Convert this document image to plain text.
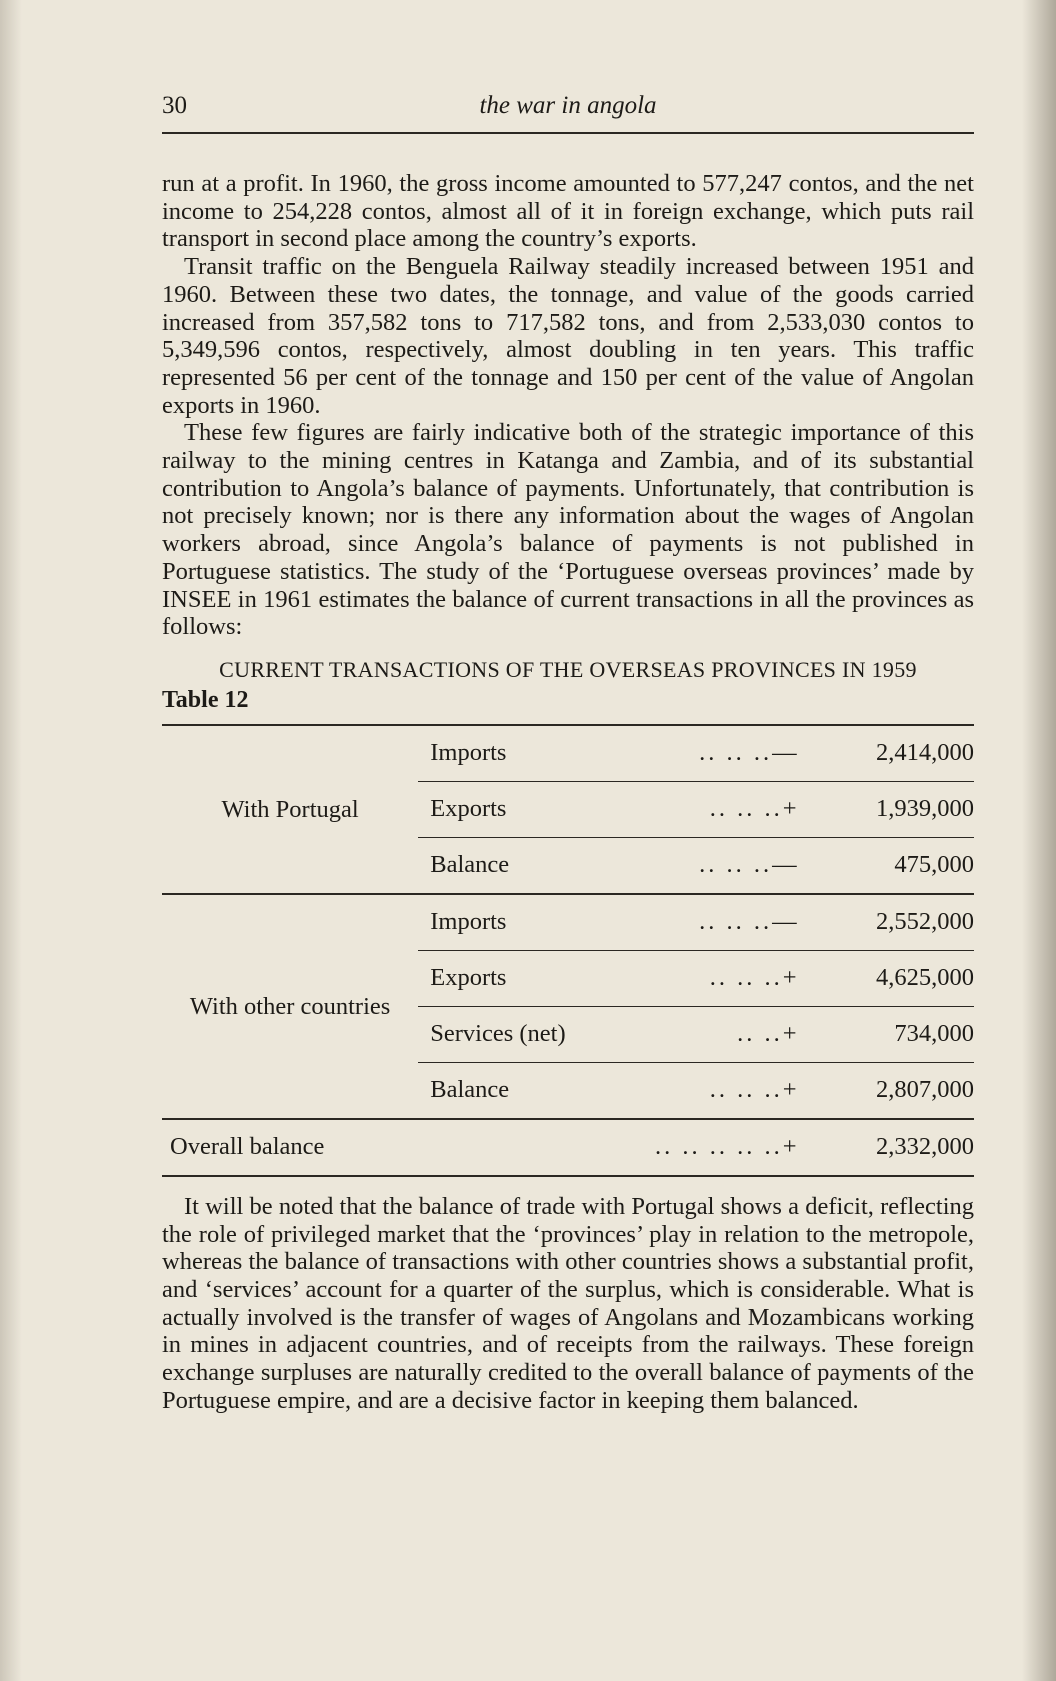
30	the war in angola

run at a profit. In 1960, the gross income amounted to 577,247 contos, and the net income to 254,228 contos, almost all of it in foreign exchange, which puts rail transport in second place among the country’s exports.

Transit traffic on the Benguela Railway steadily increased between 1951 and 1960. Between these two dates, the tonnage, and value of the goods carried increased from 357,582 tons to 717,582 tons, and from 2,533,030 contos to 5,349,596 contos, respectively, almost doubling in ten years. This traffic represented 56 per cent of the tonnage and 150 per cent of the value of Angolan exports in 1960.

These few figures are fairly indicative both of the strategic importance of this railway to the mining centres in Katanga and Zambia, and of its substantial contribution to Angola’s balance of payments. Unfortunately, that contribution is not precisely known; nor is there any information about the wages of Angolan workers abroad, since Angola’s balance of payments is not published in Portuguese statistics. The study of the ‘Portuguese overseas provinces’ made by INSEE in 1961 estimates the balance of current transactions in all the provinces as follows:

CURRENT TRANSACTIONS OF THE OVERSEAS PROVINCES IN 1959
Table 12
With Portugal	Imports	.. .. ..—	2,414,000
	Exports	.. .. ..+	1,939,000
	Balance	.. .. ..—	475,000
With other countries	Imports	.. .. ..—	2,552,000
	Exports	.. .. ..+	4,625,000
	Services (net)	.. ..+	734,000
	Balance	.. .. ..+	2,807,000
Overall balance		.. .. .. .. ..+	2,332,000

It will be noted that the balance of trade with Portugal shows a deficit, reflecting the role of privileged market that the ‘provinces’ play in relation to the metropole, whereas the balance of transactions with other countries shows a substantial profit, and ‘services’ account for a quarter of the surplus, which is considerable. What is actually involved is the transfer of wages of Angolans and Mozambicans working in mines in adjacent countries, and of receipts from the railways. These foreign exchange surpluses are naturally credited to the overall balance of payments of the Portuguese empire, and are a decisive factor in keeping them balanced.
